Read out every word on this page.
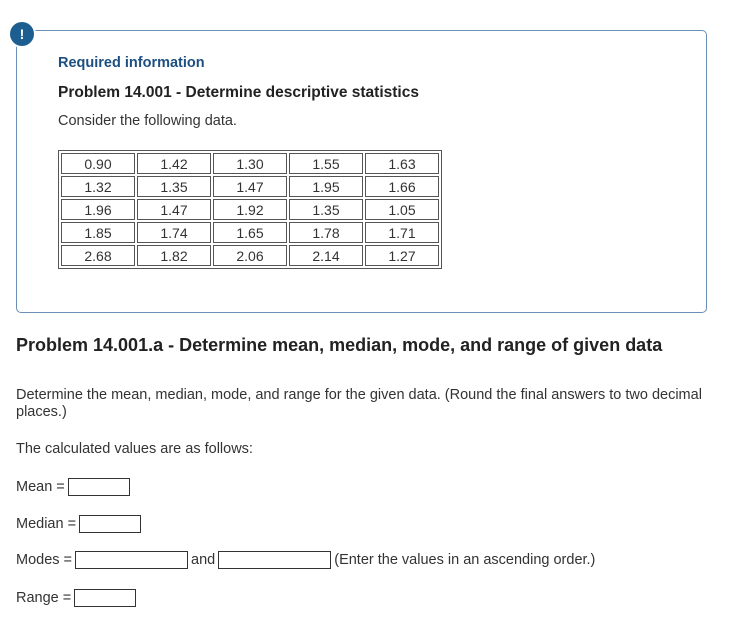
!
Required information
Problem 14.001 - Determine descriptive statistics
Consider the following data.
0.90	1.42	1.30	1.55	1.63
1.32	1.35	1.47	1.95	1.66
1.96	1.47	1.92	1.35	1.05
1.85	1.74	1.65	1.78	1.71
2.68	1.82	2.06	2.14	1.27
Problem 14.001.a - Determine mean, median, mode, and range of given data
Determine the mean, median, mode, and range for the given data. (Round the final answers to two decimal places.)
The calculated values are as follows:
Mean =
Median =
Modes =	and	(Enter the values in an ascending order.)
Range =
